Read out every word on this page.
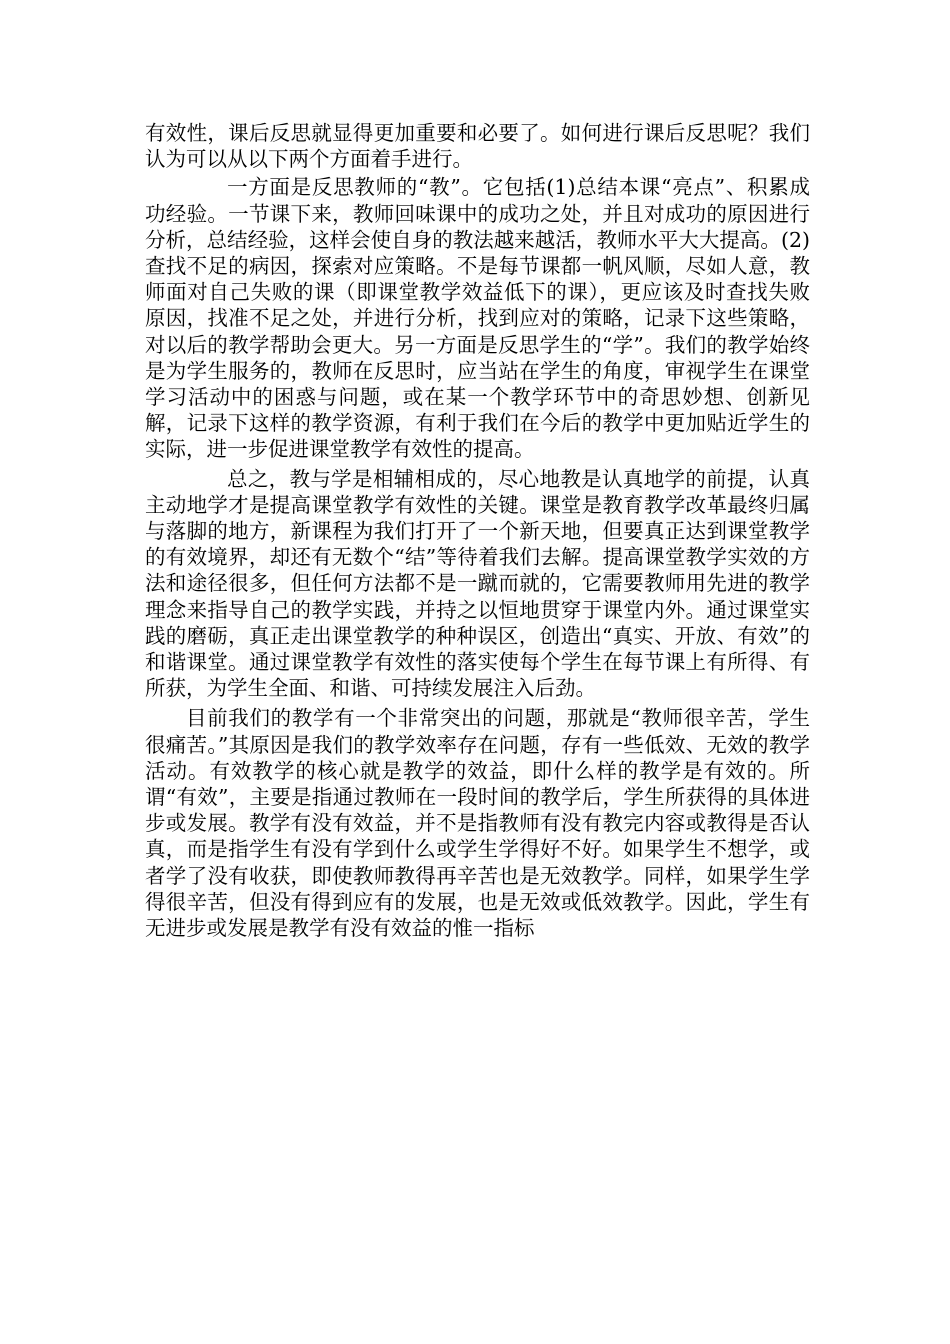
有效性，课后反思就显得更加重要和必要了。如何进行课后反思呢？我们认为可以从以下两个方面着手进行。

一方面是反思教师的“教”。它包括(1)总结本课“亮点”、积累成功经验。一节课下来，教师回味课中的成功之处，并且对成功的原因进行分析，总结经验，这样会使自身的教法越来越活，教师水平大大提高。(2)查找不足的病因，探索对应策略。不是每节课都一帆风顺，尽如人意，教师面对自己失败的课（即课堂教学效益低下的课），更应该及时查找失败原因，找准不足之处，并进行分析，找到应对的策略，记录下这些策略，对以后的教学帮助会更大。另一方面是反思学生的“学”。我们的教学始终是为学生服务的，教师在反思时，应当站在学生的角度，审视学生在课堂学习活动中的困惑与问题，或在某一个教学环节中的奇思妙想、创新见解，记录下这样的教学资源，有利于我们在今后的教学中更加贴近学生的实际，进一步促进课堂教学有效性的提高。

总之，教与学是相辅相成的，尽心地教是认真地学的前提，认真主动地学才是提高课堂教学有效性的关键。课堂是教育教学改革最终归属与落脚的地方，新课程为我们打开了一个新天地，但要真正达到课堂教学的有效境界，却还有无数个“结”等待着我们去解。提高课堂教学实效的方法和途径很多，但任何方法都不是一蹴而就的，它需要教师用先进的教学理念来指导自己的教学实践，并持之以恒地贯穿于课堂内外。通过课堂实践的磨砺，真正走出课堂教学的种种误区，创造出“真实、开放、有效”的和谐课堂。通过课堂教学有效性的落实使每个学生在每节课上有所得、有所获，为学生全面、和谐、可持续发展注入后劲。

目前我们的教学有一个非常突出的问题，那就是“教师很辛苦，学生很痛苦。”其原因是我们的教学效率存在问题，存有一些低效、无效的教学活动。有效教学的核心就是教学的效益，即什么样的教学是有效的。所谓“有效”，主要是指通过教师在一段时间的教学后，学生所获得的具体进步或发展。教学有没有效益，并不是指教师有没有教完内容或教得是否认真，而是指学生有没有学到什么或学生学得好不好。如果学生不想学，或者学了没有收获，即使教师教得再辛苦也是无效教学。同样，如果学生学得很辛苦，但没有得到应有的发展，也是无效或低效教学。因此，学生有无进步或发展是教学有没有效益的惟一指标
